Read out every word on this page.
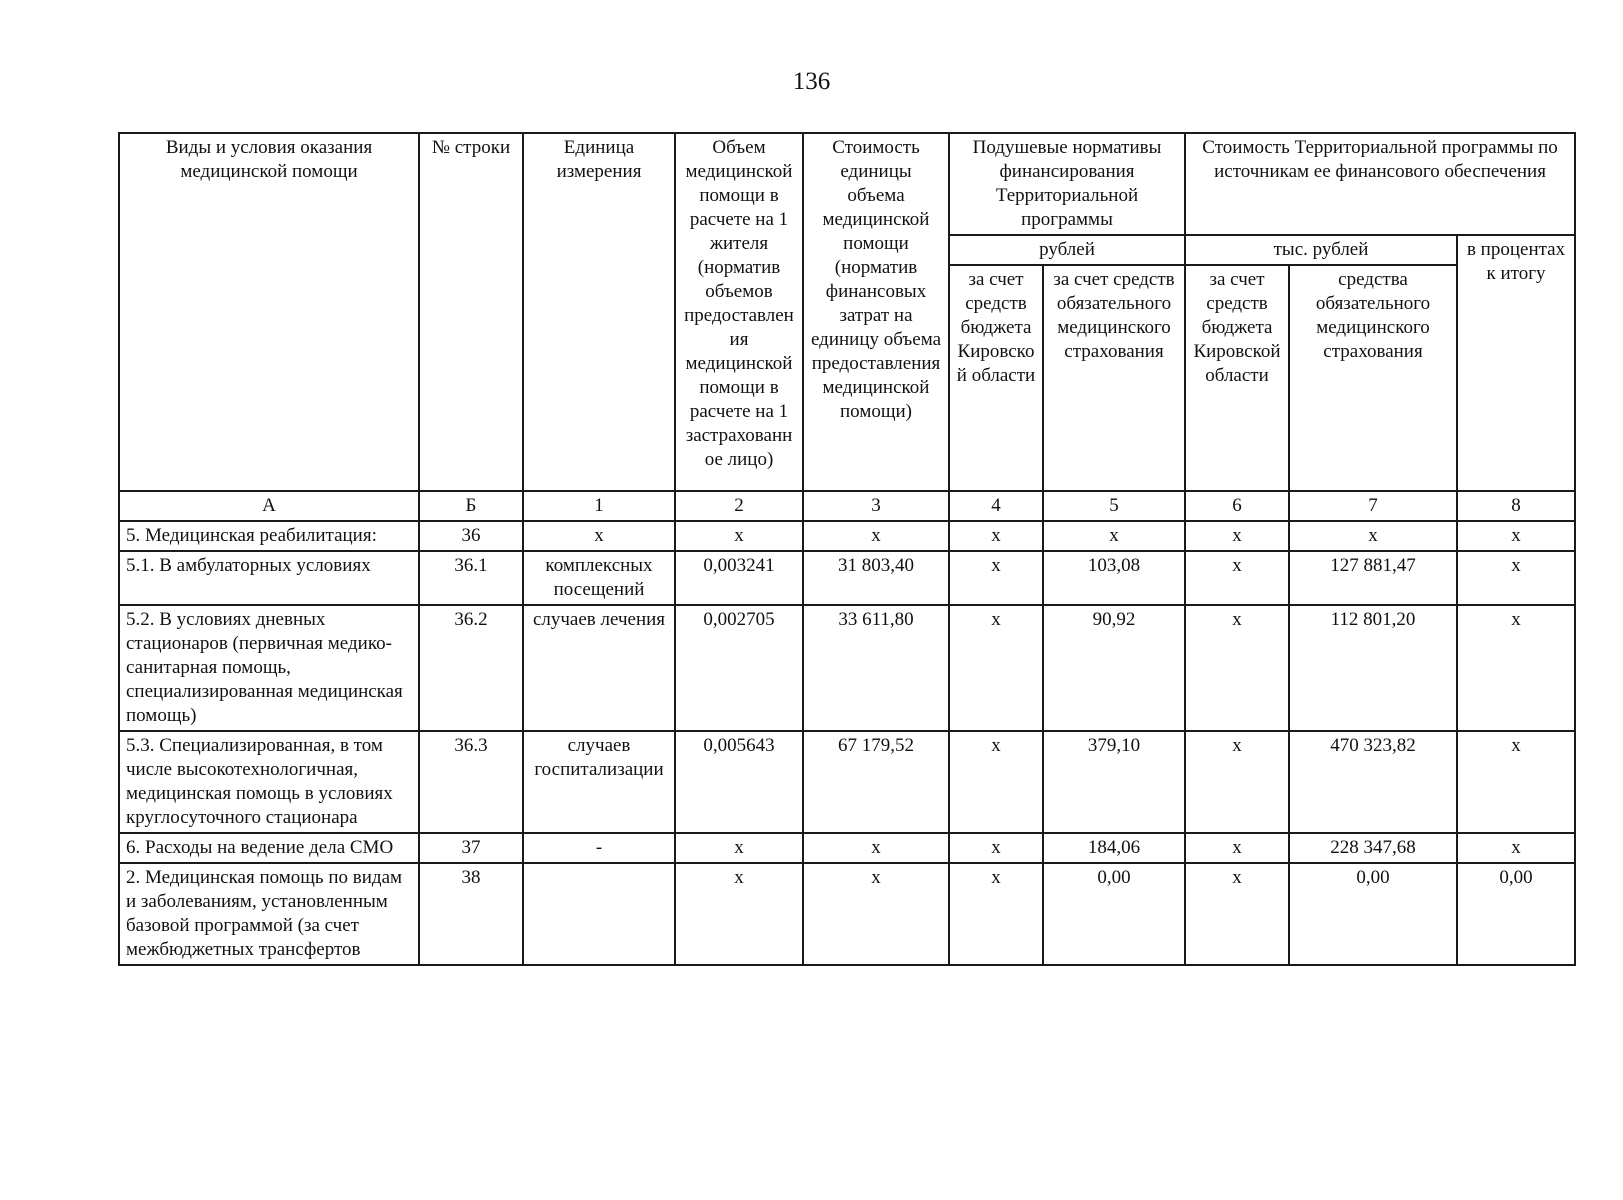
136
Виды и условия оказания медицинской помощи	№ строки	Единица измерения	Объем медицинской помощи в расчете на 1 жителя (норматив объемов предоставления медицинской помощи в расчете на 1 застрахованное лицо)	Стоимость единицы объема медицинской помощи (норматив финансовых затрат на единицу объема предоставления медицинской помощи)	Подушевые нормативы финансирования Территориальной программы		Стоимость Территориальной программы по источникам ее финансового обеспечения		
					рублей		тыс. рублей		в процентах к итогу
					за счет средств бюджета Кировской области	за счет средств обязательного медицинского страхования	за счет средств бюджета Кировской области	средства обязательного медицинского страхования	
А	Б	1	2	3	4	5	6	7	8
5. Медицинская реабилитация:	36	х	х	х	х	х	х	х	х
5.1. В амбулаторных условиях	36.1	комплексных посещений	0,003241	31 803,40	х	103,08	х	127 881,47	х
5.2. В условиях дневных стационаров (первичная медико-санитарная помощь, специализированная медицинская помощь)	36.2	случаев лечения	0,002705	33 611,80	х	90,92	х	112 801,20	х
5.3. Специализированная, в том числе высокотехнологичная, медицинская помощь в условиях круглосуточного стационара	36.3	случаев госпитализации	0,005643	67 179,52	х	379,10	х	470 323,82	х
6. Расходы на ведение дела СМО	37	-	х	х	х	184,06	х	228 347,68	х
2. Медицинская помощь по видам и заболеваниям, установленным базовой программой (за счет межбюджетных трансфертов	38		х	х	х	0,00	х	0,00	0,00
